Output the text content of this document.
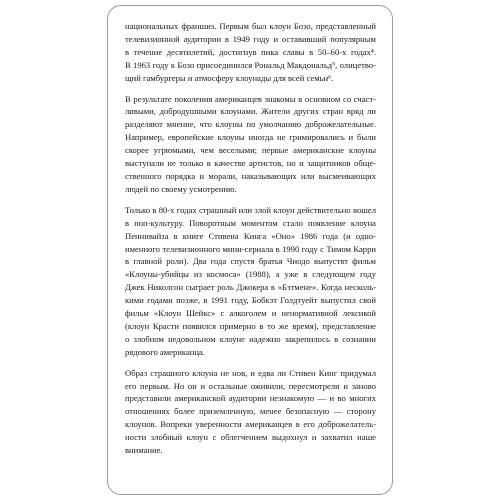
национальных франшиз. Первым был клоун Бозо, представленный
телевизионной аудитории в 1949 году и оставивший популярным
в течение десятилетий, достигнув пика славы в 50–60-х годах⁴.
В 1963 году к Бозо присоединился Рональд Макдональд⁵, олицетво-
щий гамбургеры и атмосферу клоунады для всей семьи⁶.

В результате поколения американцев знакомы в основном со счаст-
ливыми, добродушными клоунами. Жители других стран вряд ли
разделяют мнение, что клоуны по умолчанию доброжелательные.
Например, европейские клоуны иногда не гримировались и были
скорее угрюмыми, чем веселыми; первые американские клоуны
выступали не только в качестве артистов, но и защитников обще-
ственного порядка и морали, наказывающих или высмеивающих
людей по своему усмотрению.

Только в 80-х годах страшный или злой клоун действительно вошел
в поп-культуру. Поворотным моментом стало появление клоуна
Пеннивайза в книге Стивена Кинга «Оно» 1986 года (и одно-
именного телевизионного мини-сериала в 1990 году с Тимом Карри
в главной роли). Два года спустя братья Чиодо выпустят фильм
«Клоуны-убийцы из космоса» (1988), а уже в следующем году
Джек Николсон сыграет роль Джокера в «Бэтмене». Когда несколь-
кими годами позже, в 1991 году, Бобкэт Голдтуейт выпустил свой
фильм «Клоун Шейкс» с алкоголем и ненормативной лексикой
(клоун Красти появился примерно в то же время), представление
о злобном недовольном клоуне надежно закрепилось в сознании
рядового американца.

Образ страшного клоуна не нов, и едва ли Стивен Кинг придумал
его первым. Но он и остальные оживили, пересмотрели и заново
представили американской аудитории незнакомую — и во многих
отношениях более приземленную, менее безопасную — сторону
клоунов. Вопреки уверенности американцев в его доброжелатель-
ности злобный клоун с облегчением выдохнул и захватил наше
внимание.
